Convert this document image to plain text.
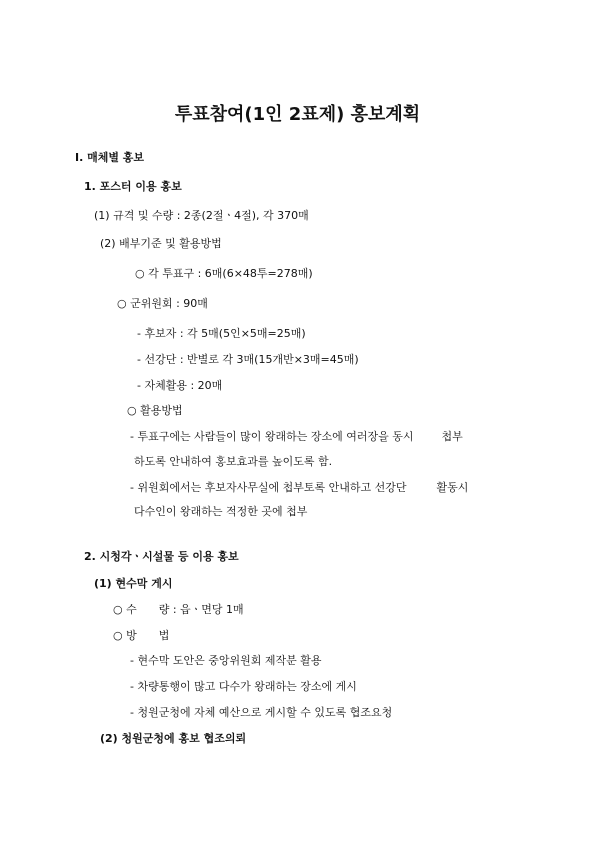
투표참여(1인 2표제) 홍보계획
Ⅰ. 매체별 홍보
1. 포스터 이용 홍보
(1) 규격 및 수량 : 2종(2절ㆍ4절), 각 370매
(2) 배부기준 및 활용방법
○ 각 투표구 : 6매(6×48투=278매)
○ 군위원회 : 90매
- 후보자 : 각 5매(5인×5매=25매)
- 선강단 : 반별로 각 3매(15개반×3매=45매)
- 자체활용 : 20매
○ 활용방법
- 투표구에는 사람들이 많이 왕래하는 장소에 여러장을 동시	첩부
하도록 안내하여 홍보효과를 높이도록 함.
- 위원회에서는 후보자사무실에 첩부토록 안내하고 선강단	활동시
다수인이 왕래하는 적정한 곳에 첩부
2. 시청각ㆍ시설물 등 이용 홍보
(1) 현수막 게시
○ 수 량 : 읍ㆍ면당 1매
○ 방 법
- 현수막 도안은 중앙위원회 제작분 활용
- 차량통행이 많고 다수가 왕래하는 장소에 게시
- 청원군청에 자체 예산으로 게시할 수 있도록 협조요청
(2) 청원군청에 홍보 협조의뢰
